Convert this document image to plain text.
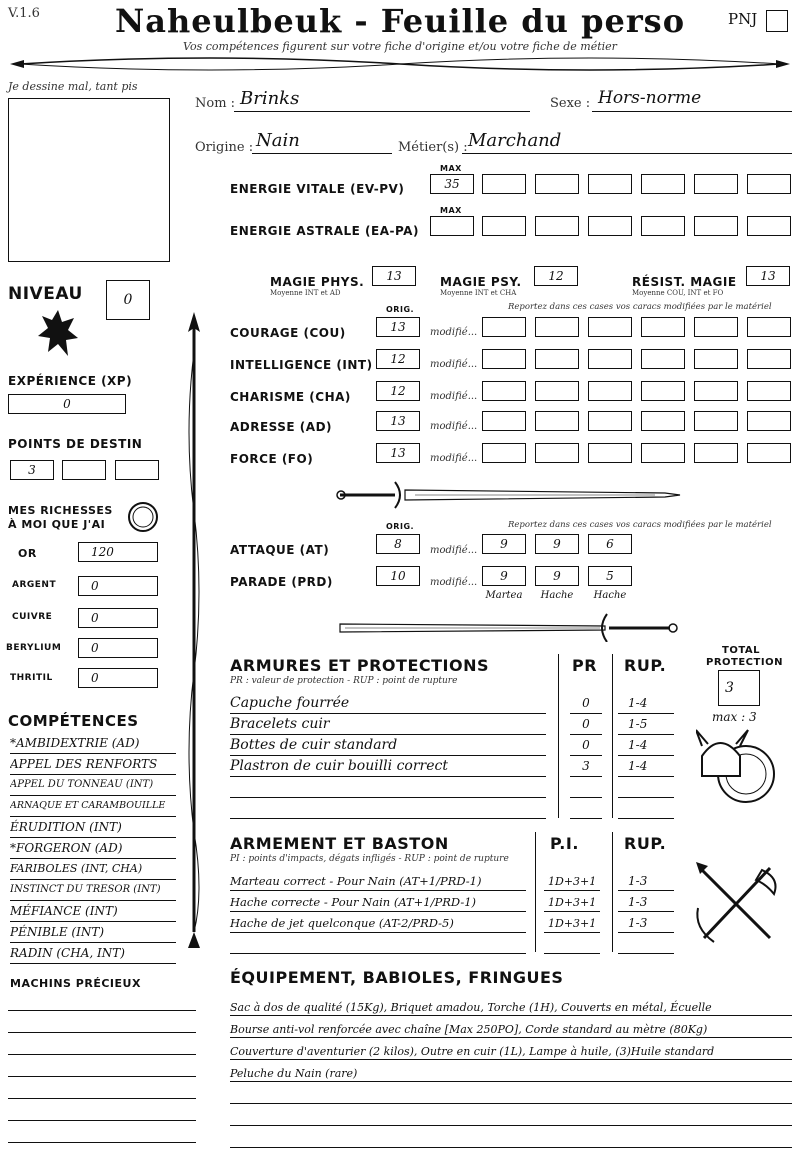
V.1.6	Naheulbeuk - Feuille du perso	PNJ
Vos compétences figurent sur votre fiche d'origine et/ou votre fiche de métier
Je dessine mal, tant pis
Nom : Brinks	Sexe : Hors-norme
Origine : Nain	Métier(s) : Marchand
MAX
ENERGIE VITALE (EV-PV)	35
MAX
ENERGIE ASTRALE (EA-PA)
MAGIE PHYS.
Moyenne INT et AD
13	MAGIE PSY.
Moyenne INT et CHA
12	RÉSIST. MAGIE
Moyenne COU, INT et FO
13
ORIG.	Reportez dans ces cases vos caracs modifiées par le matériel
COURAGE (COU)	13 modifié...
INTELLIGENCE (INT) 12 modifié...
CHARISME (CHA)	12 modifié...
ADRESSE (AD)	13 modifié...
FORCE (FO)	13 modifié...
ORIG.	Reportez dans ces cases vos caracs modifiées par le matériel
ATTAQUE (AT)	8	modifié... 9	9	6
PARADE (PRD)	10 modifié... 9	9	5
Martea	Hache	Hache
NIVEAU	0
EXPÉRIENCE (XP)
0
POINTS DE DESTIN
3
MES RICHESSES
À MOI QUE J'AI
OR	120
ARGENT	0
CUIVRE	0
BERYLIUM 0
THRITIL	0
COMPÉTENCES
*AMBIDEXTRIE (AD)
APPEL DES RENFORTS
APPEL DU TONNEAU (INT)
ARNAQUE ET CARAMBOUILLE
ÉRUDITION (INT)
*FORGERON (AD)
FARIBOLES (INT, CHA)
INSTINCT DU TRESOR (INT)
MÉFIANCE (INT)
PÉNIBLE (INT)
RADIN (CHA, INT)
MACHINS PRÉCIEUX
ARMURES ET PROTECTIONS
PR : valeur de protection - RUP : point de rupture
PR RUP.
Capuche fourrée	0	1-4
Bracelets cuir	0	1-5
Bottes de cuir standard	0	1-4
Plastron de cuir bouilli correct	3	1-4
TOTAL
PROTECTION
3
max : 3
ARMEMENT ET BASTON
PI : points d'impacts, dégats infligés - RUP : point de rupture
P.I.	RUP.
Marteau correct - Pour Nain (AT+1/PRD-1)	1D+3+1	1-3
Hache correcte - Pour Nain (AT+1/PRD-1)	1D+3+1	1-3
Hache de jet quelconque (AT-2/PRD-5)	1D+3+1	1-3
ÉQUIPEMENT, BABIOLES, FRINGUES
Sac à dos de qualité (15Kg), Briquet amadou, Torche (1H), Couverts en métal, Écuelle
Bourse anti-vol renforcée avec chaîne [Max 250PO], Corde standard au mètre (80Kg)
Couverture d'aventurier (2 kilos), Outre en cuir (1L), Lampe à huile, (3)Huile standard
Peluche du Nain (rare)
